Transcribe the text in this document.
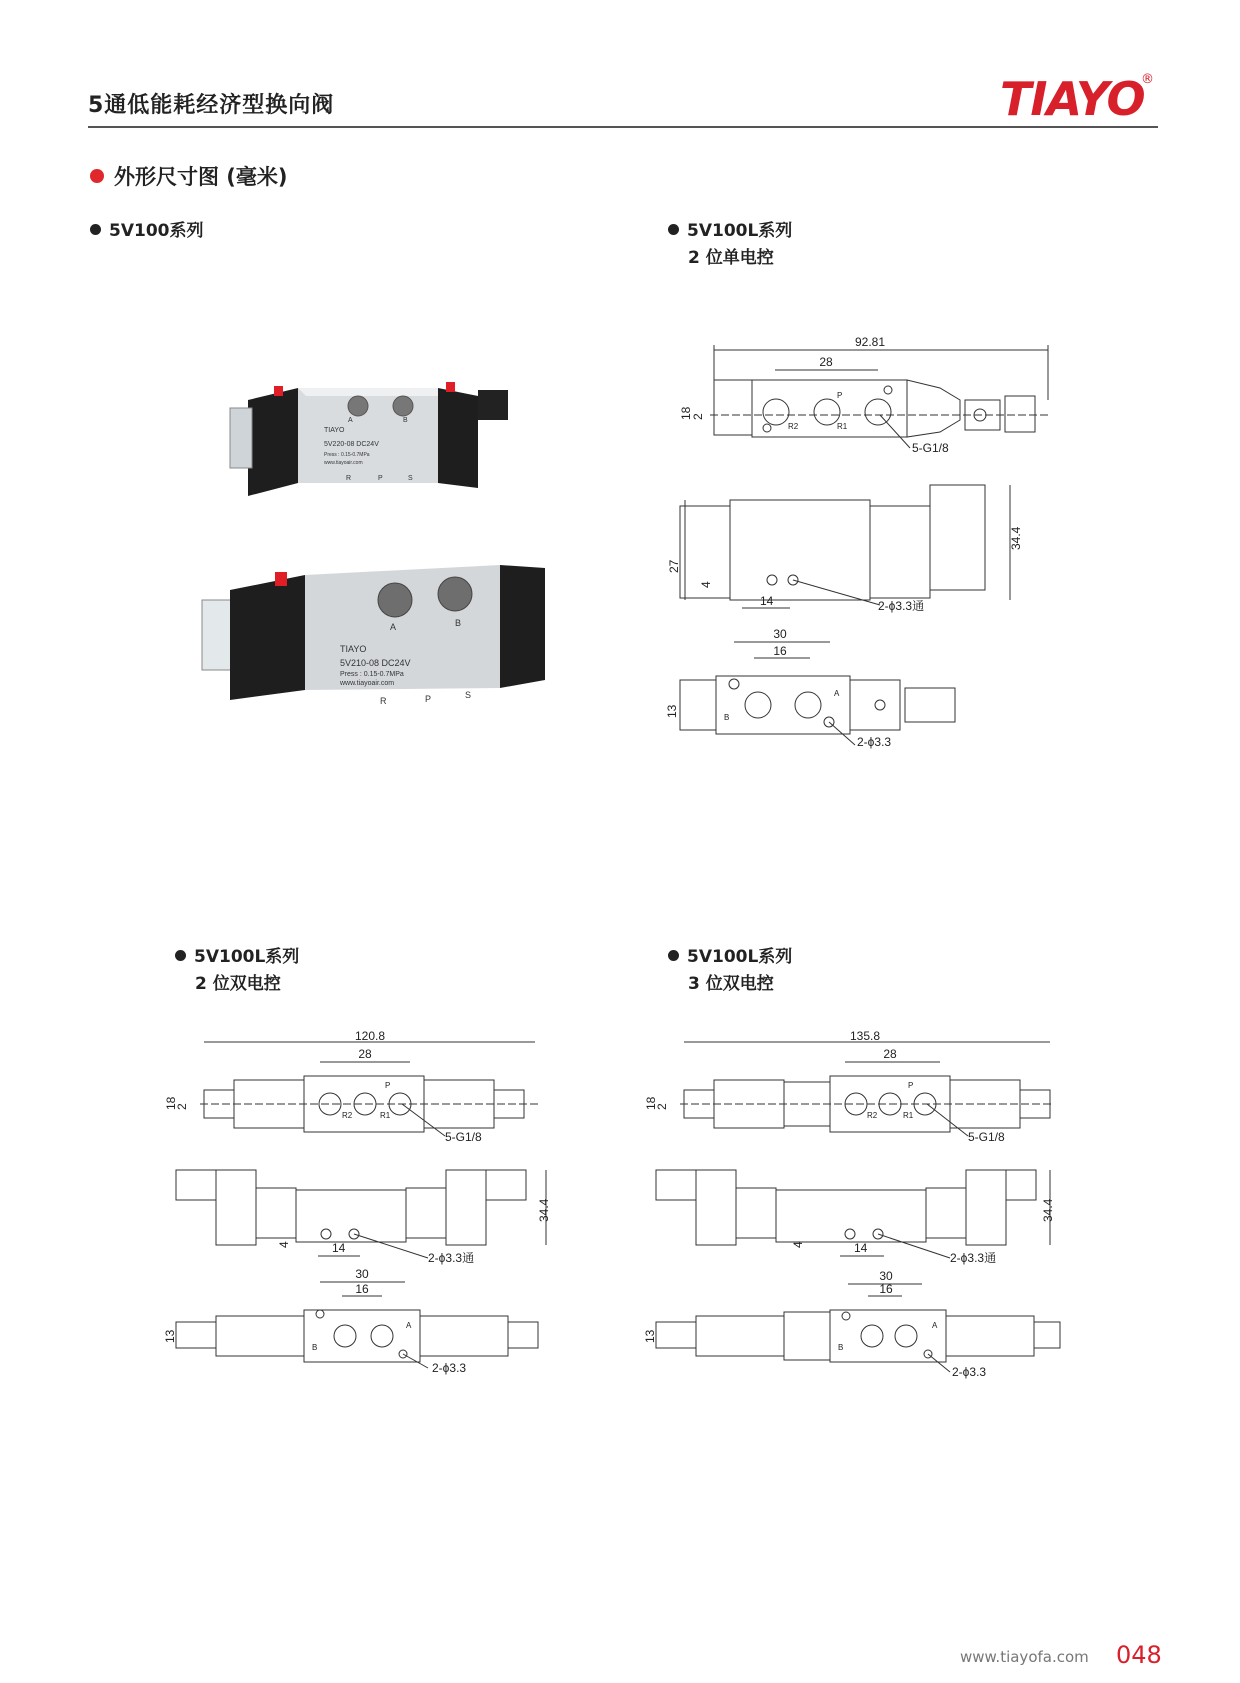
5通低能耗经济型换向阀	TIAYO
®
外形尺寸图 (毫米)
5V100系列	5V100L系列
2 位单电控
5V100L系列
2 位双电控
5V100L系列
3 位双电控
TIAYO
5V220-08 DC24V
Press : 0.15-0.7MPa
www.tiayoair.com
A	B
R	P	S
TIAYO
5V210-08 DC24V
Press : 0.15-0.7MPa
www.tiayoair.com
A	B
R	P	S
92.81
28
18
2
P
R2	R1
5-G1/8
27
34.4
4
14	2-ϕ3.3通
30
16
A
B
13
2-ϕ3.3
120.8
28
18
2
P
R2	R1
5-G1/8
34.4
4	14
2-ϕ3.3通
30
16
A
B
13
2-ϕ3.3
135.8
28
18
2
P
R2	R1
5-G1/8
34.4
4	14
2-ϕ3.3通
30
16
A
B
13
2-ϕ3.3
www.tiayofa.com 048
